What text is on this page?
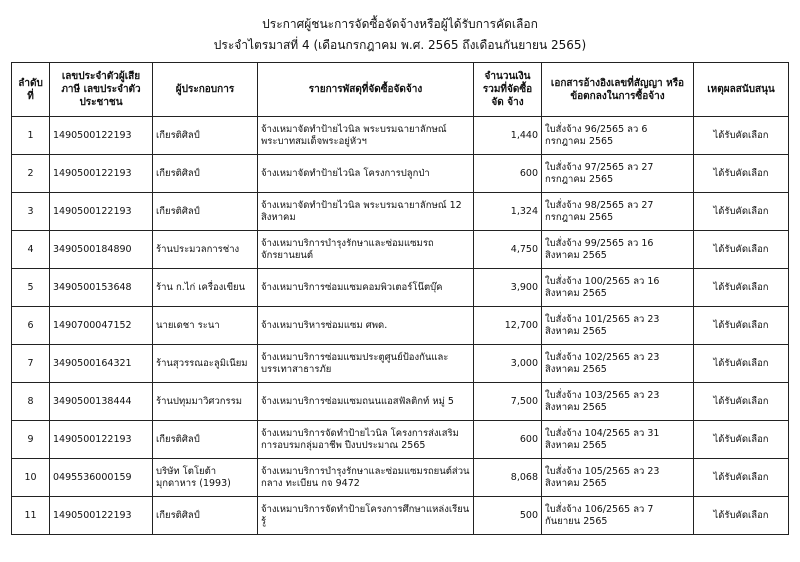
ประกาศผู้ชนะการจัดซื้อจัดจ้างหรือผู้ได้รับการคัดเลือก
ประจำไตรมาสที่ 4 (เดือนกรกฎาคม พ.ศ. 2565 ถึงเดือนกันยายน 2565)
ลำดับที่	เลขประจำตัวผู้เสียภาษี เลขประจำตัวประชาชน	ผู้ประกอบการ	รายการพัสดุที่จัดซื้อจัดจ้าง	จำนวนเงิน รวมที่จัดซื้อจัด จ้าง	เอกสารอ้างอิงเลขที่สัญญา หรือข้อตกลงในการซื้อจ้าง	เหตุผลสนับสนุน
1	1490500122193	เกียรติศิลป์	จ้างเหมาจัดทำป้ายไวนิล พระบรมฉายาลักษณ์ พระบาทสมเด็จพระอยู่หัวฯ	1,440	ใบสั่งจ้าง 96/2565 ลว 6 กรกฎาคม 2565	ได้รับคัดเลือก
2	1490500122193	เกียรติศิลป์	จ้างเหมาจัดทำป้ายไวนิล โครงการปลูกป่า	600	ใบสั่งจ้าง 97/2565 ลว 27 กรกฎาคม 2565	ได้รับคัดเลือก
3	1490500122193	เกียรติศิลป์	จ้างเหมาจัดทำป้ายไวนิล พระบรมฉายาลักษณ์ 12 สิงหาคม	1,324	ใบสั่งจ้าง 98/2565 ลว 27 กรกฎาคม 2565	ได้รับคัดเลือก
4	3490500184890	ร้านประมวลการช่าง	จ้างเหมาบริการบำรุงรักษาและซ่อมแซมรถจักรยานยนต์	4,750	ใบสั่งจ้าง 99/2565 ลว 16 สิงหาคม 2565	ได้รับคัดเลือก
5	3490500153648	ร้าน ก.ไก่ เครื่องเขียน	จ้างเหมาบริการซ่อมแซมคอมพิวเตอร์โน๊ตบุ๊ค	3,900	ใบสั่งจ้าง 100/2565 ลว 16 สิงหาคม 2565	ได้รับคัดเลือก
6	1490700047152	นายเดชา ระนา	จ้างเหมาบริหารซ่อมแซม ศพด.	12,700	ใบสั่งจ้าง 101/2565 ลว 23 สิงหาคม 2565	ได้รับคัดเลือก
7	3490500164321	ร้านสุวรรณอะลูมิเนียม	จ้างเหมาบริการซ่อมแซมประตูศูนย์ป้องกันและบรรเทาสาธารภัย	3,000	ใบสั่งจ้าง 102/2565 ลว 23 สิงหาคม 2565	ได้รับคัดเลือก
8	3490500138444	ร้านปทุมมาวิศวกรรม	จ้างเหมาบริการซ่อมแซมถนนแอสฟัลติกท์ หมู่ 5	7,500	ใบสั่งจ้าง 103/2565 ลว 23 สิงหาคม 2565	ได้รับคัดเลือก
9	1490500122193	เกียรติศิลป์	จ้างเหมาบริการจัดทำป้ายไวนิล โครงการส่งเสริมการอบรมกลุ่มอาชีพ ปีงบประมาณ 2565	600	ใบสั่งจ้าง 104/2565 ลว 31 สิงหาคม 2565	ได้รับคัดเลือก
10	0495536000159	บริษัท โตโยต้ามุกดาหาร (1993)	จ้างเหมาบริการบำรุงรักษาและซ่อมแซมรถยนต์ส่วนกลาง ทะเบียน กจ 9472	8,068	ใบสั่งจ้าง 105/2565 ลว 23 สิงหาคม 2565	ได้รับคัดเลือก
11	1490500122193	เกียรติศิลป์	จ้างเหมาบริการจัดทำป้ายโครงการศึกษาแหล่งเรียนรู้	500	ใบสั่งจ้าง 106/2565 ลว 7 กันยายน 2565	ได้รับคัดเลือก
